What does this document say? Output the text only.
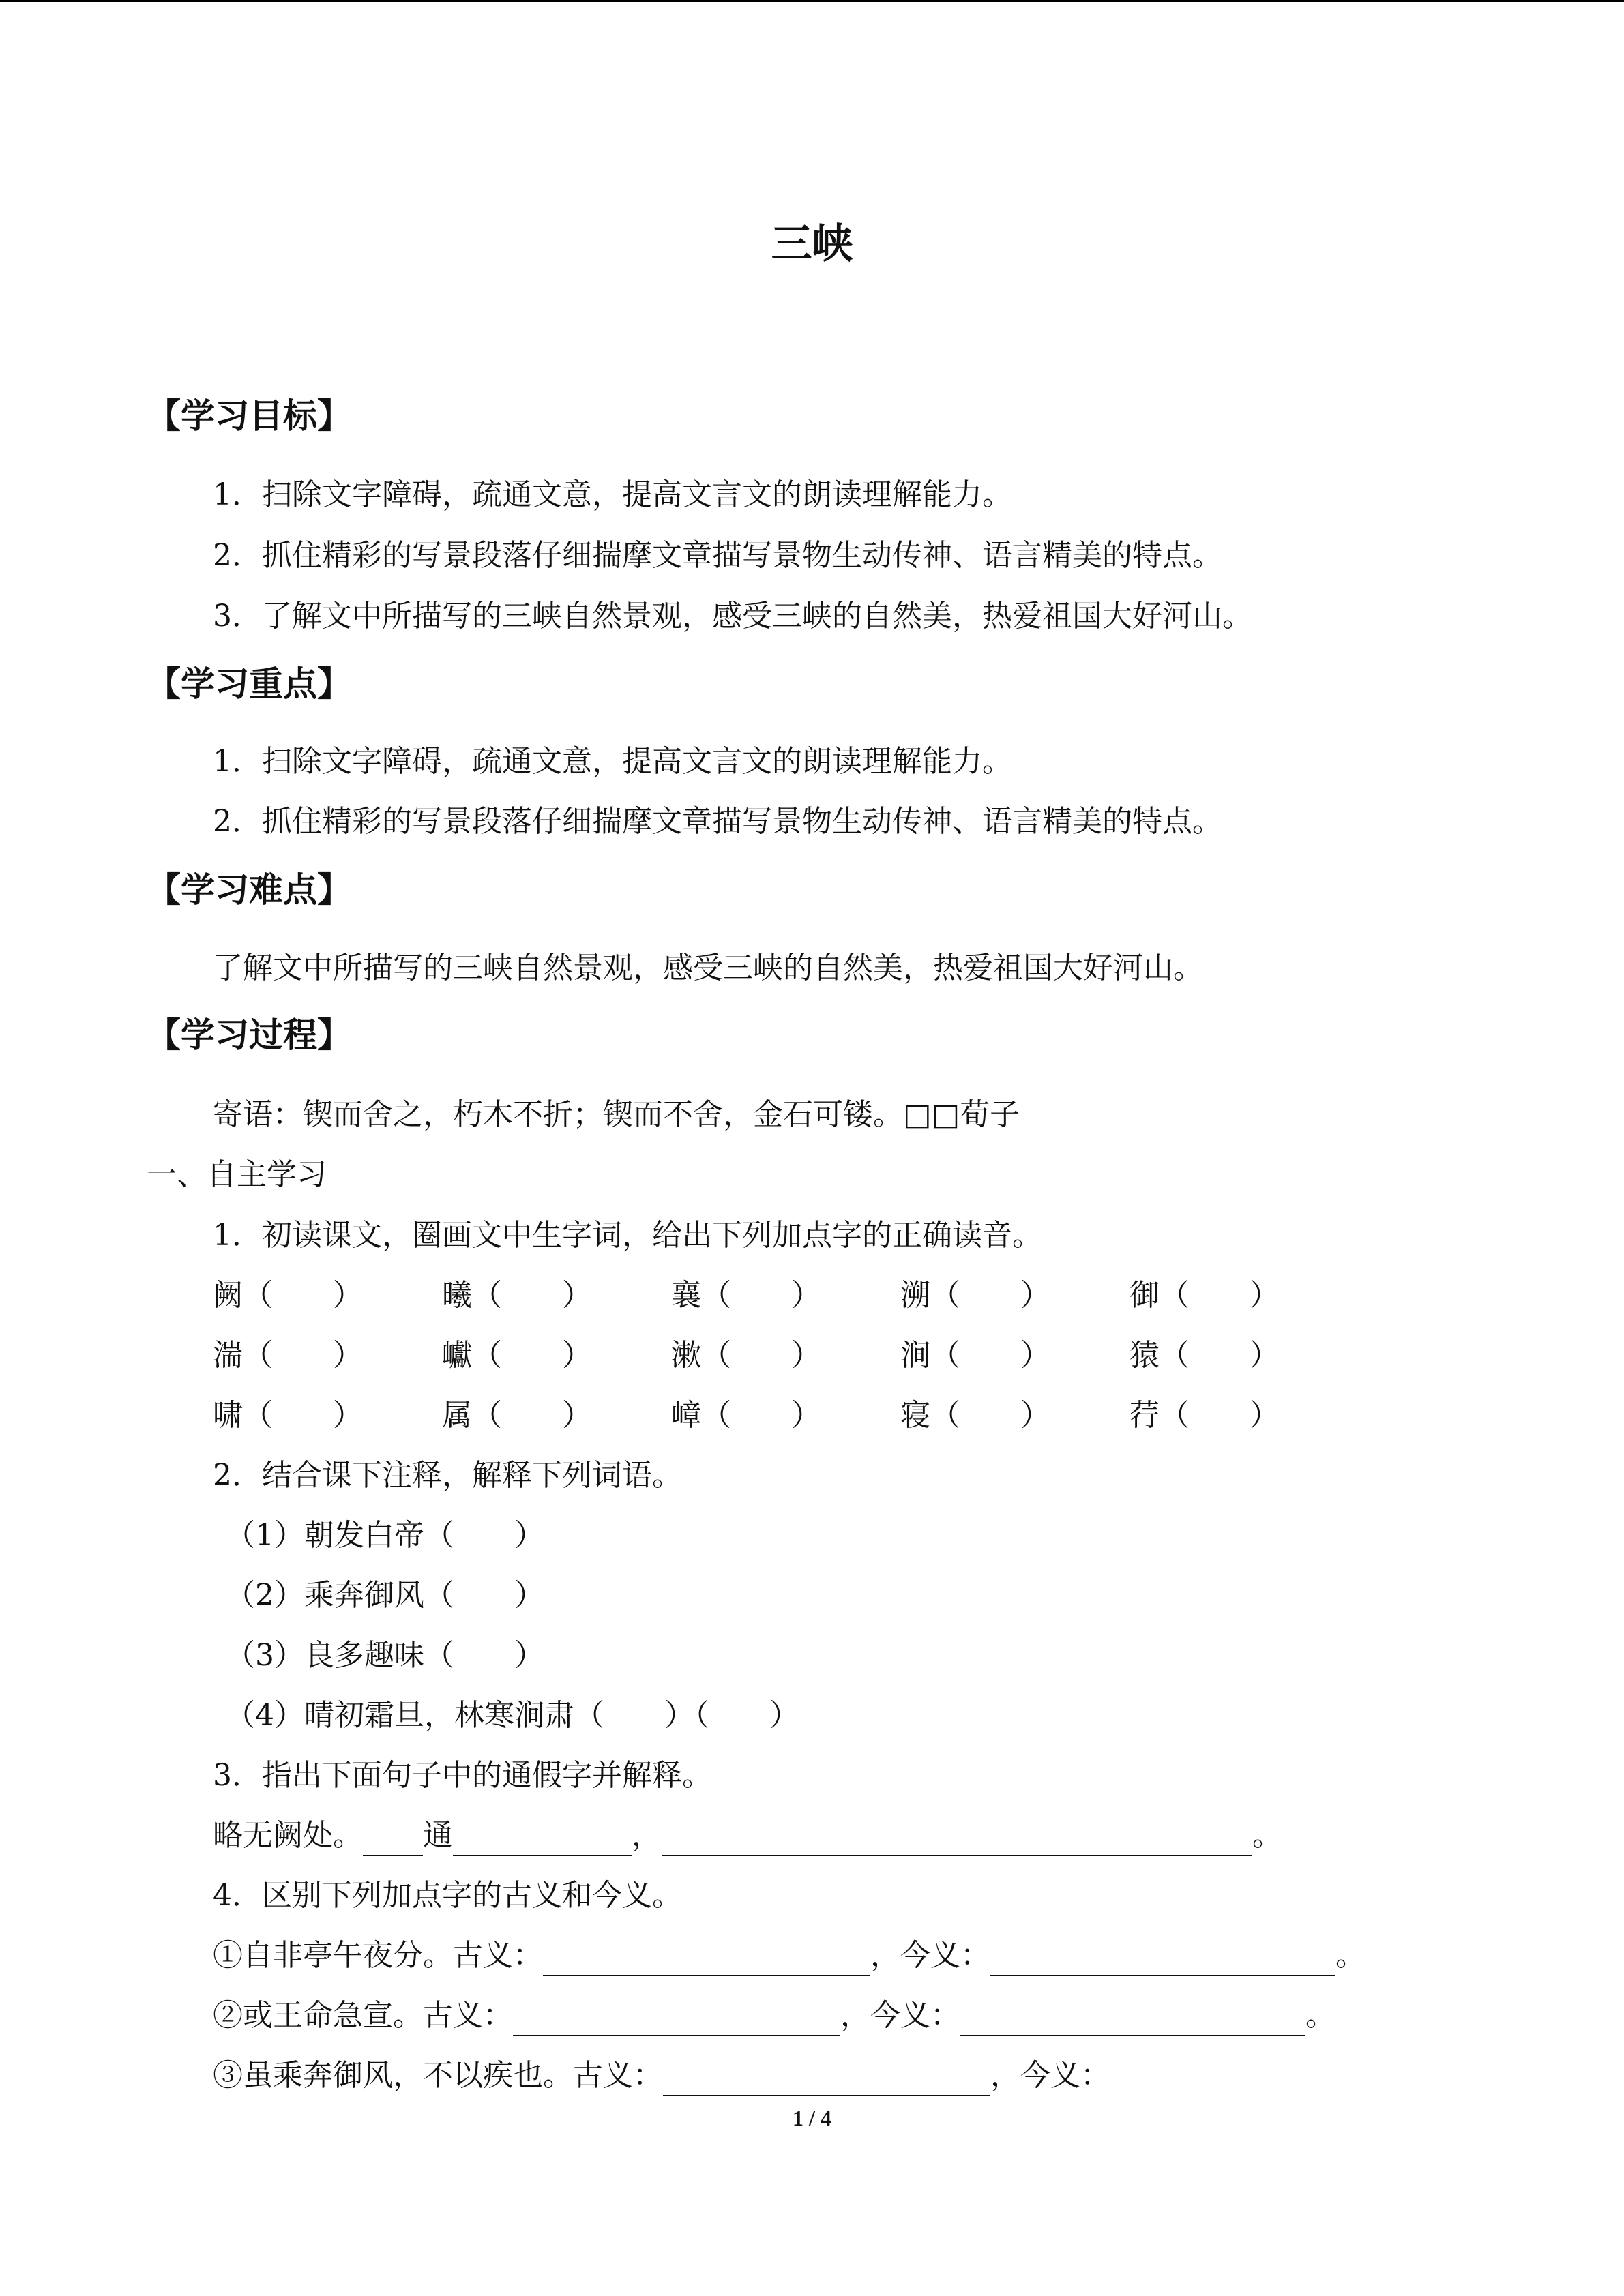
三峡
【学习目标】
1．扫除文字障碍，疏通文意，提高文言文的朗读理解能力。
2．抓住精彩的写景段落仔细揣摩文章描写景物生动传神、语言精美的特点。
3．了解文中所描写的三峡自然景观，感受三峡的自然美，热爱祖国大好河山。
【学习重点】
1．扫除文字障碍，疏通文意，提高文言文的朗读理解能力。
2．抓住精彩的写景段落仔细揣摩文章描写景物生动传神、语言精美的特点。
【学习难点】
了解文中所描写的三峡自然景观，感受三峡的自然美，热爱祖国大好河山。
【学习过程】
寄语：锲而舍之，朽木不折；锲而不舍，金石可镂。□□荀子
一、自主学习
1．初读课文，圈画文中生字词，给出下列加点字的正确读音。
阙（　　）	曦（　　）	襄（　　）	溯（　　）	御（　　）
湍（　　）	巘（　　）	漱（　　）	涧（　　）	猿（　　）
啸（　　）	属（　　）	嶂（　　）	寝（　　）	荇（　　）
2．结合课下注释，解释下列词语。
（1）朝发白帝（　　）
（2）乘奔御风（　　）
（3）良多趣味（　　）
（4）晴初霜旦，林寒涧肃（　　）（　　）
3．指出下面句子中的通假字并解释。
略无阙处。 通	，	。
4．区别下列加点字的古义和今义。
①自非亭午夜分。古义：	，今义：	。
②或王命急宣。古义：	，今义：	。
③虽乘奔御风，不以疾也。古义：	，今义：
1 / 4
